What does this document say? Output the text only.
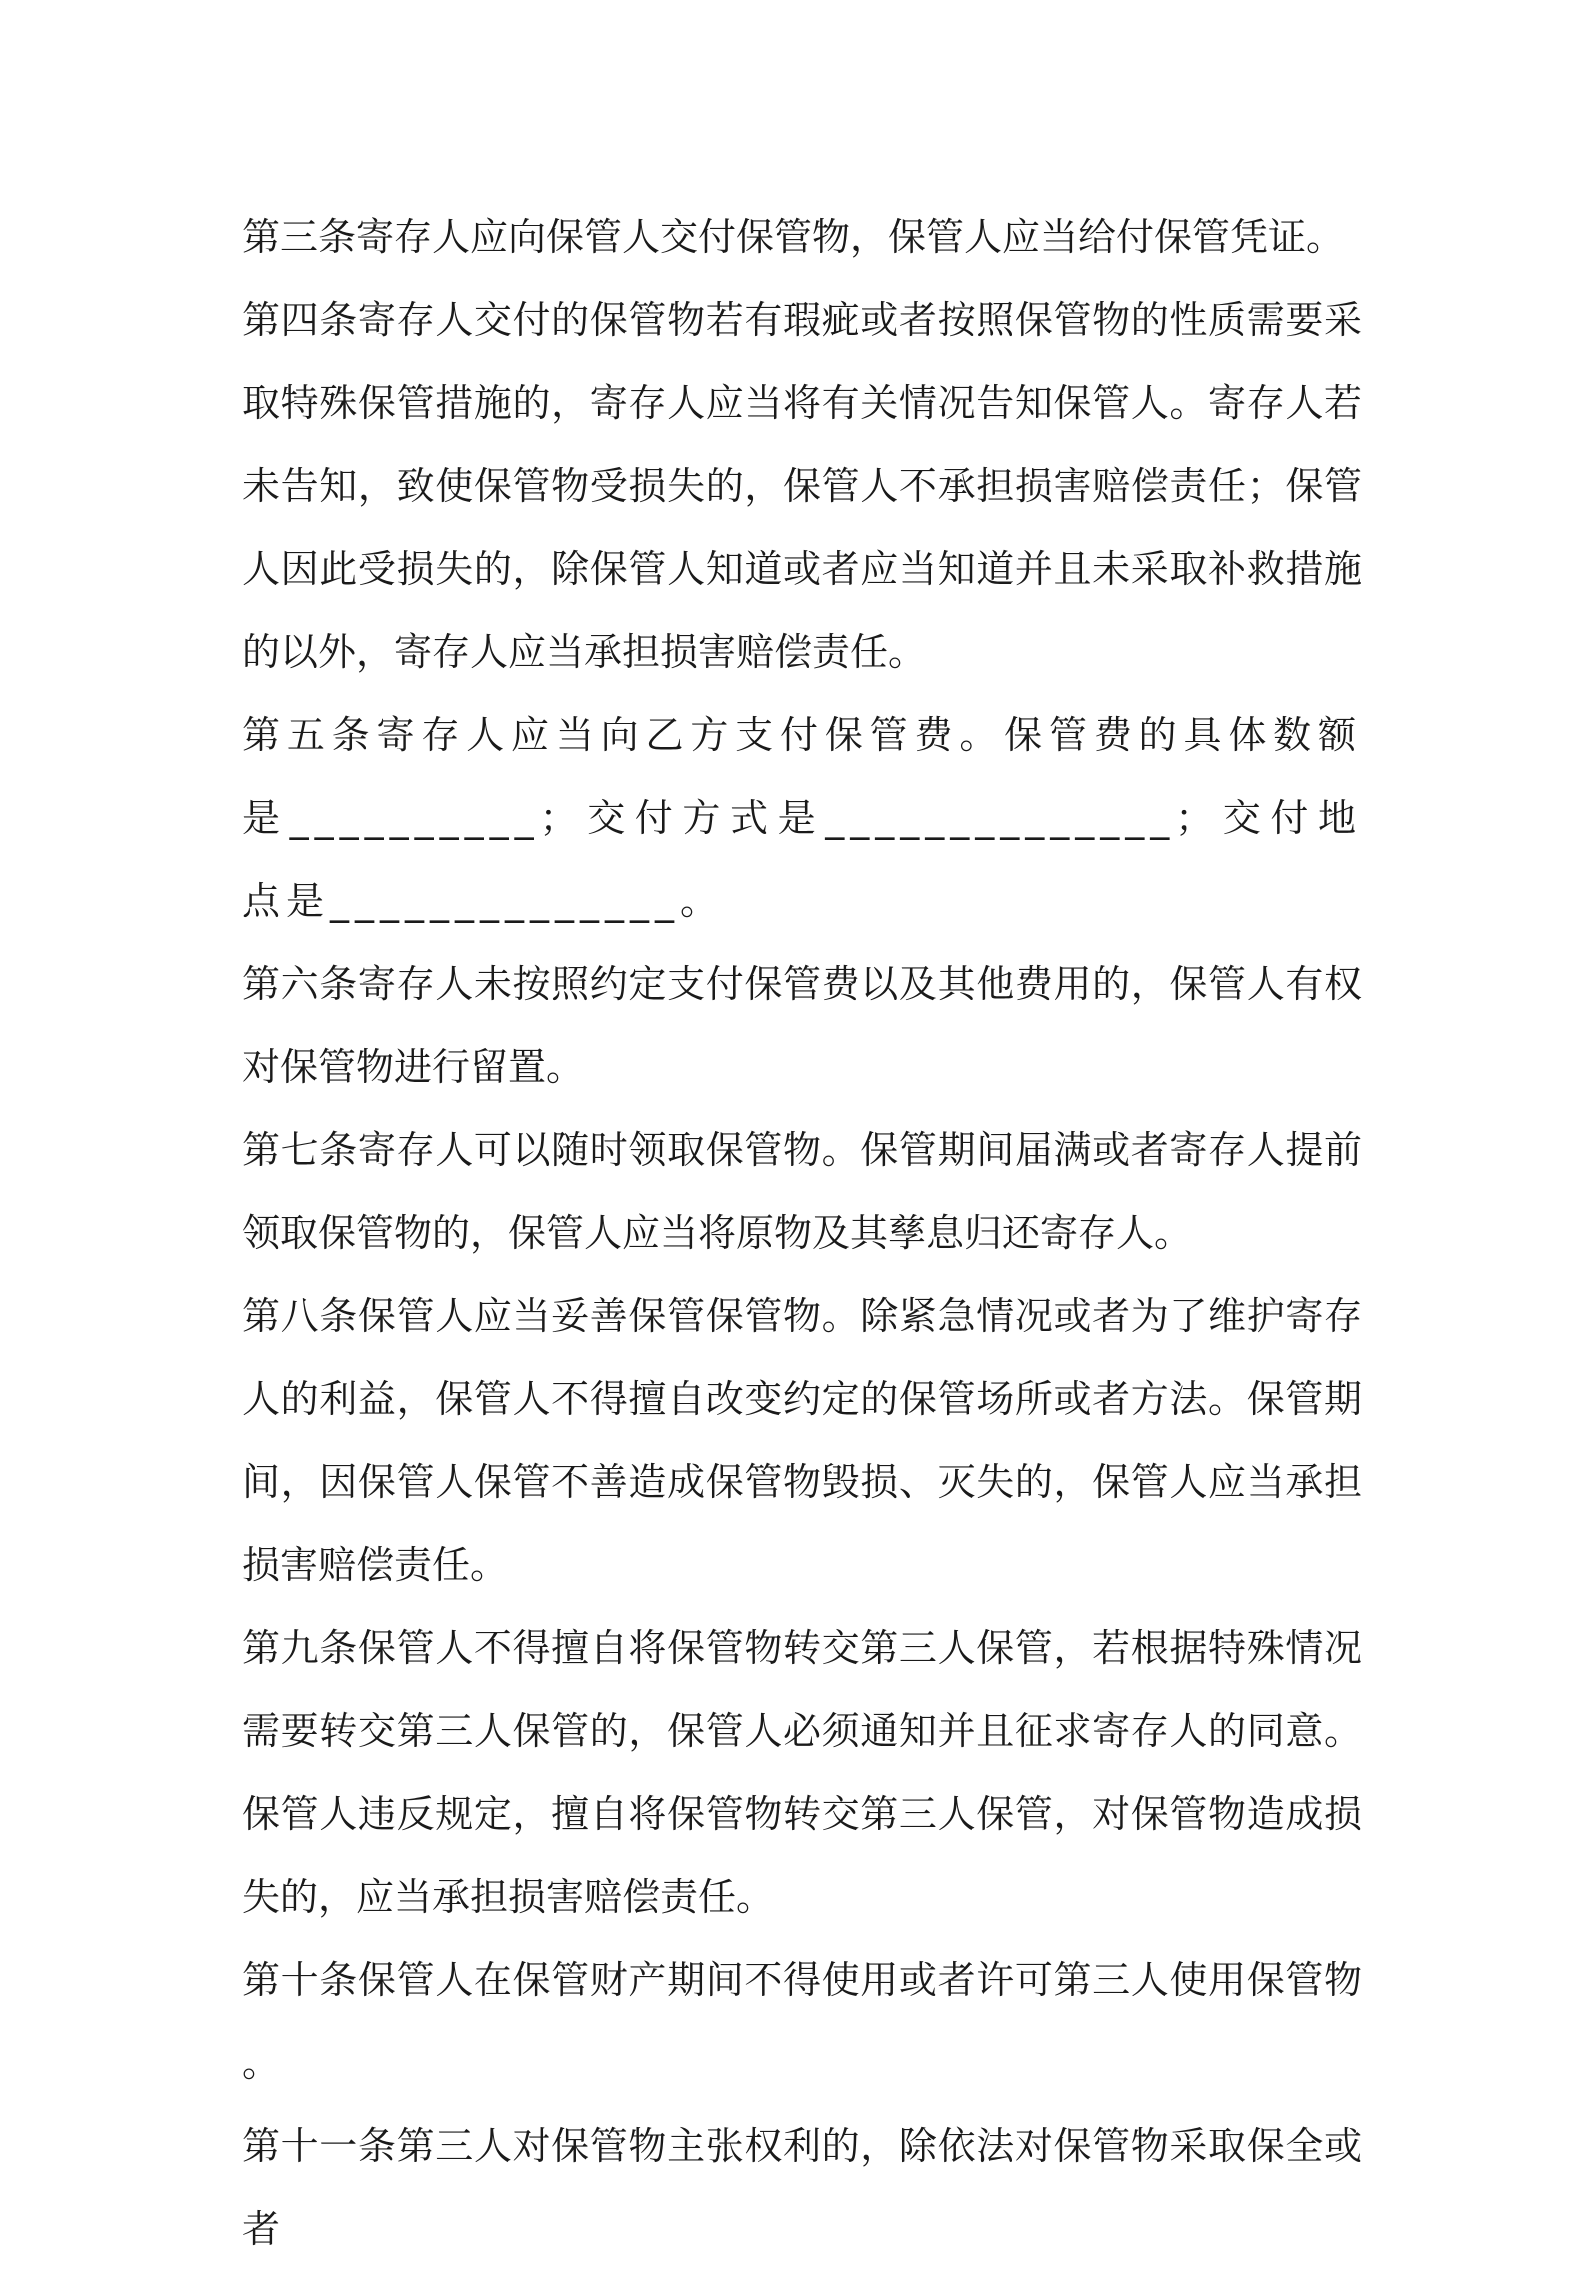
第三条寄存人应向保管人交付保管物，保管人应当给付保管凭证。

第四条寄存人交付的保管物若有瑕疵或者按照保管物的性质需要采取特殊保管措施的，寄存人应当将有关情况告知保管人。寄存人若未告知，致使保管物受损失的，保管人不承担损害赔偿责任；保管人因此受损失的，除保管人知道或者应当知道并且未采取补救措施的以外，寄存人应当承担损害赔偿责任。

第五条寄存人应当向乙方支付保管费。保管费的具体数额是__________；交付方式是______________；交付地点是______________。

第六条寄存人未按照约定支付保管费以及其他费用的，保管人有权对保管物进行留置。

第七条寄存人可以随时领取保管物。保管期间届满或者寄存人提前领取保管物的，保管人应当将原物及其孳息归还寄存人。

第八条保管人应当妥善保管保管物。除紧急情况或者为了维护寄存人的利益，保管人不得擅自改变约定的保管场所或者方法。保管期间，因保管人保管不善造成保管物毁损、灭失的，保管人应当承担损害赔偿责任。

第九条保管人不得擅自将保管物转交第三人保管，若根据特殊情况需要转交第三人保管的，保管人必须通知并且征求寄存人的同意。保管人违反规定，擅自将保管物转交第三人保管，对保管物造成损失的，应当承担损害赔偿责任。

第十条保管人在保管财产期间不得使用或者许可第三人使用保管物。

第十一条第三人对保管物主张权利的，除依法对保管物采取保全或者
